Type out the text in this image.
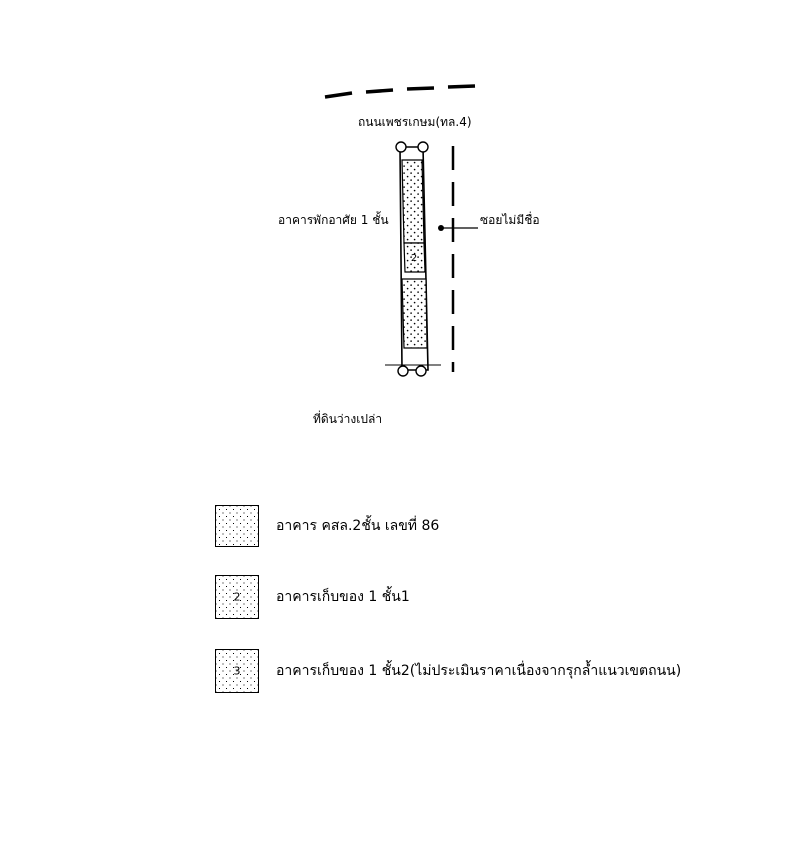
2
ถนนเพชรเกษม(ทล.4)
อาคารพักอาศัย 1 ชั้น	ซอยไม่มีชื่อ
ที่ดินว่างเปล่า
อาคาร คสล.2ชั้น เลขที่ 86
2	อาคารเก็บของ 1 ชั้น1
3	อาคารเก็บของ 1 ชั้น2(ไม่ประเมินราคาเนื่องจากรุกล้ำแนวเขตถนน)
